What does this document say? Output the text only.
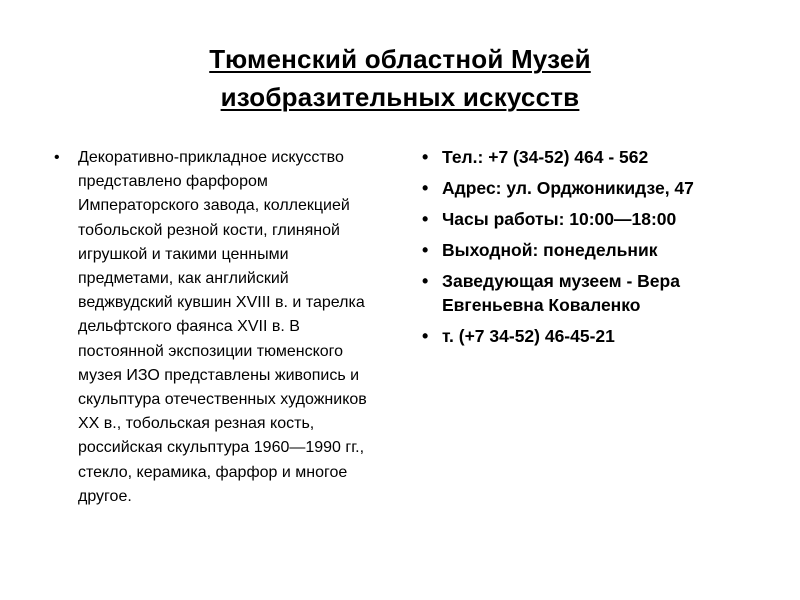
Тюменский областной Музей
изобразительных искусств
• Декоративно-прикладное искусство представлено фарфором Императорского завода, коллекцией тобольской резной кости, глиняной игрушкой и такими ценными предметами, как английский веджвудский кувшин XVIII в. и тарелка дельфтского фаянса XVII в. В постоянной экспозиции тюменского музея ИЗО представлены живопись и скульптура отечественных художников XX в., тобольская резная кость, российская скульптура 1960—1990 гг., стекло, керамика, фарфор и многое другое.
• Тел.: +7 (34-52) 464 - 562
• Адрес: ул. Орджоникидзе, 47
• Часы работы: 10:00—18:00
• Выходной: понедельник
• Заведующая музеем - Вера Евгеньевна Коваленко
• т. (+7 34-52) 46-45-21
